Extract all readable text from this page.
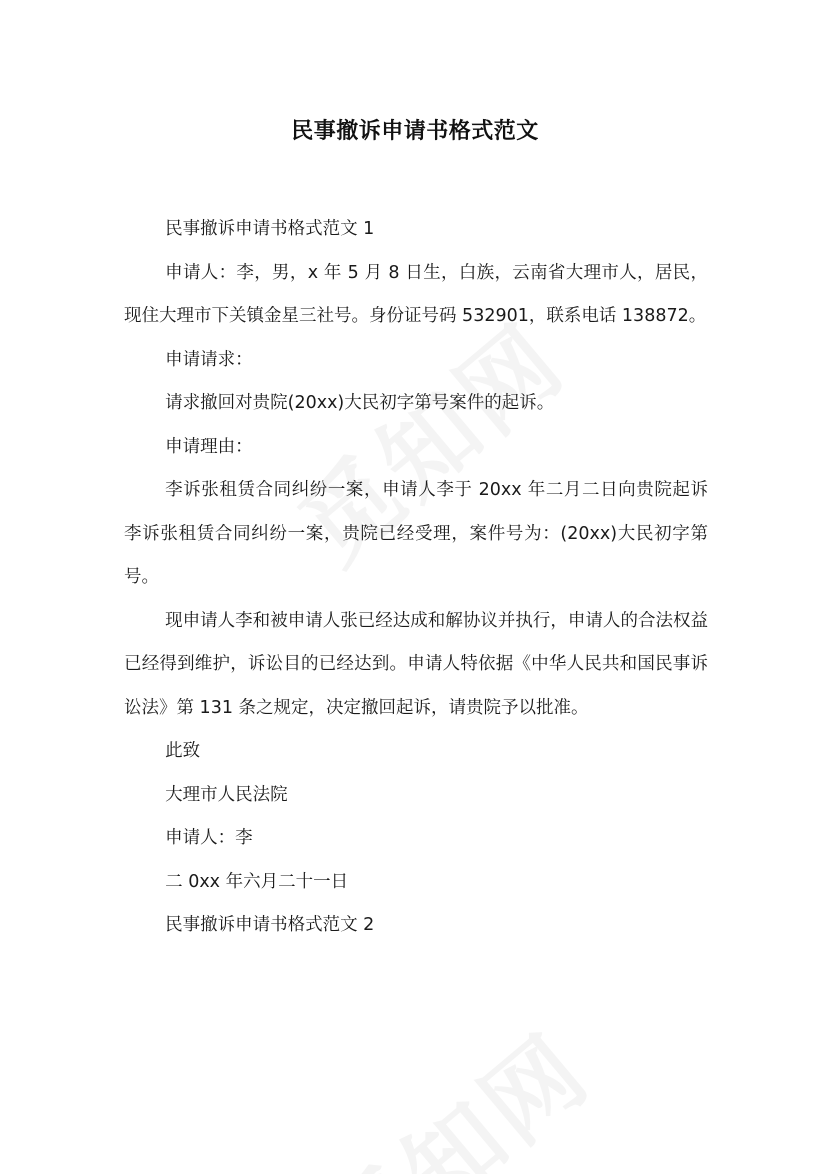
民事撤诉申请书格式范文

民事撤诉申请书格式范文 1

申请人：李，男，x 年 5 月 8 日生，白族，云南省大理市人，居民，现住大理市下关镇金星三社号。身份证号码 532901，联系电话 138872。

申请请求：

请求撤回对贵院(20xx)大民初字第号案件的起诉。

申请理由：

李诉张租赁合同纠纷一案，申请人李于 20xx 年二月二日向贵院起诉李诉张租赁合同纠纷一案，贵院已经受理，案件号为：(20xx)大民初字第号。

现申请人李和被申请人张已经达成和解协议并执行，申请人的合法权益已经得到维护，诉讼目的已经达到。申请人特依据《中华人民共和国民事诉讼法》第 131 条之规定，决定撤回起诉，请贵院予以批准。

此致

大理市人民法院

申请人：李

二 0xx 年六月二十一日

民事撤诉申请书格式范文 2
